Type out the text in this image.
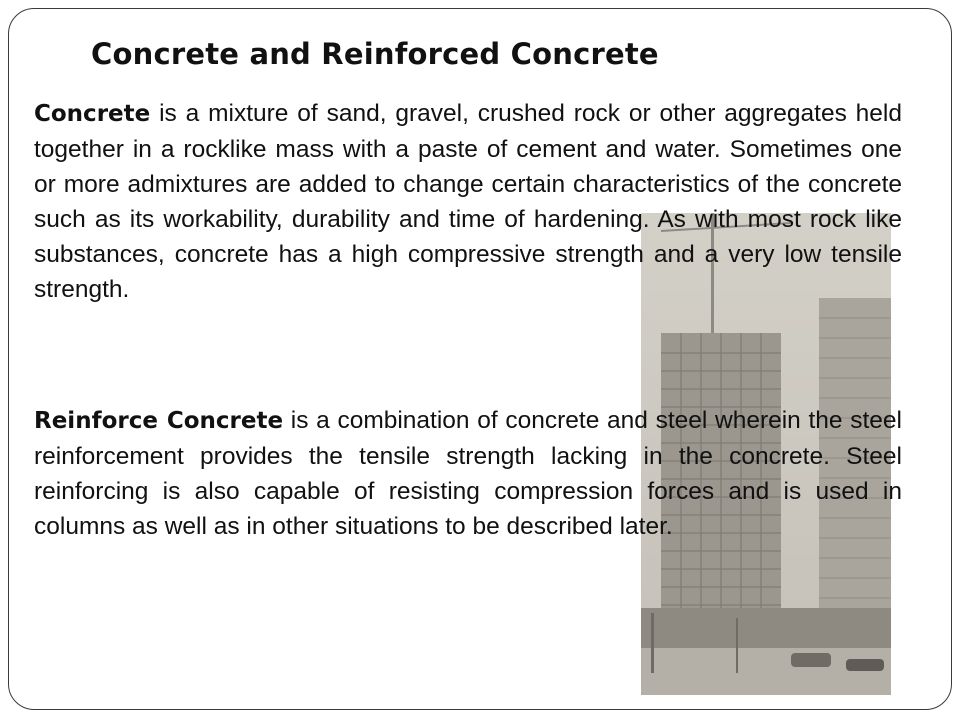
Concrete and Reinforced Concrete

Concrete is a mixture of sand, gravel, crushed rock or other aggregates held together in a rocklike mass with a paste of cement and water. Sometimes one or more admixtures are added to change certain characteristics of the concrete such as its workability, durability and time of hardening. As with most rock like substances, concrete has a high compressive strength and a very low tensile strength.

Reinforce Concrete is a combination of concrete and steel wherein the steel reinforcement provides the tensile strength lacking in the concrete. Steel reinforcing is also capable of resisting compression forces and is used in columns as well as in other situations to be described later.
